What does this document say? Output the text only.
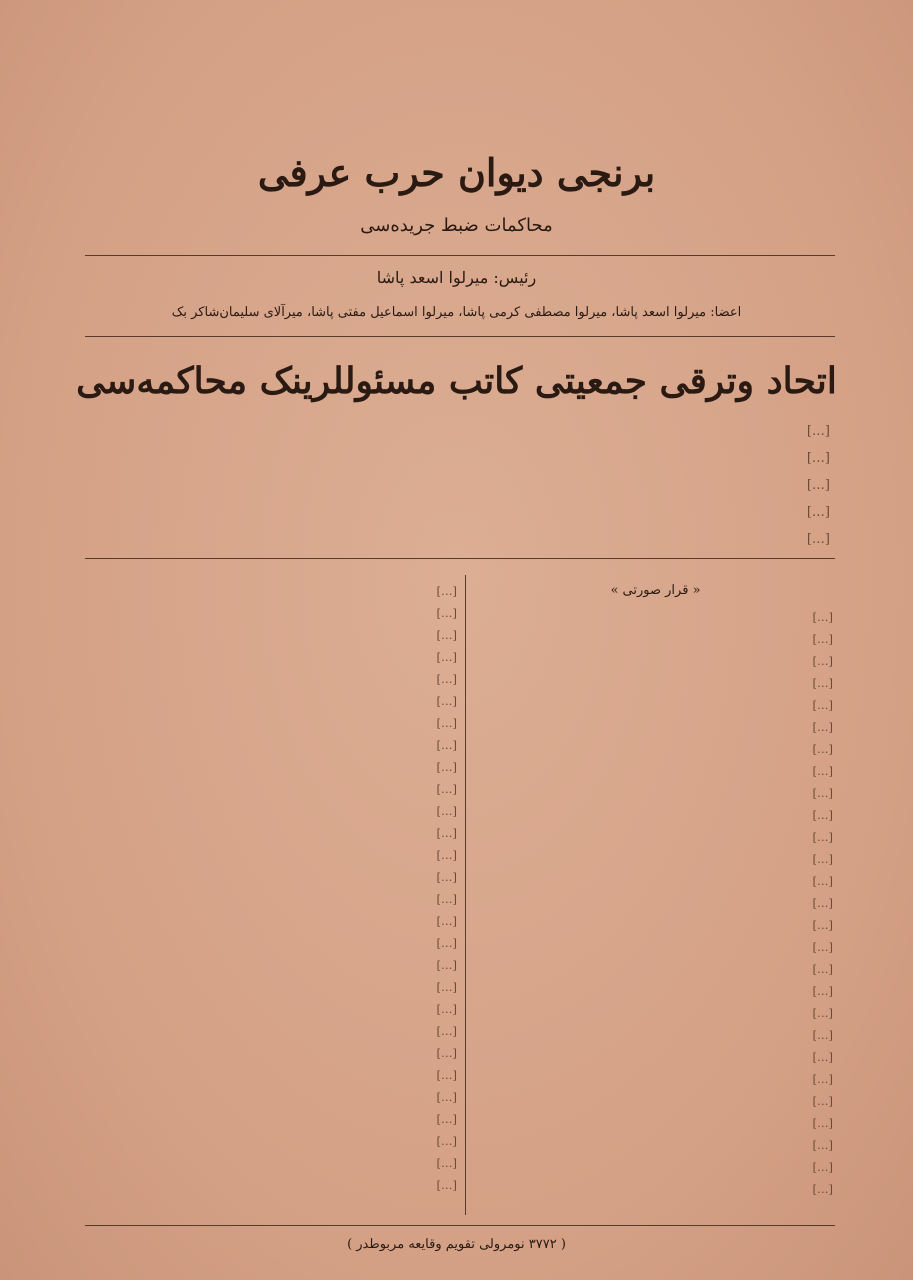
برنجی دیوان حرب عرفی
محاکمات ضبط جریده‌سی
رئیس: میرلوا اسعد پاشا
اعضا: میرلوا اسعد پاشا، میرلوا مصطفی کرمی پاشا، میرلوا اسماعیل مفتی پاشا، میرآلای سلیمان‌شاکر بک
اتحاد وترقی جمعیتی کاتب مسئوللرینک محاکمه‌سی
[…]
[…]
[…]
[…]
[…]
« قرار صورتی »
[…]
[…]
[…]
[…]
[…]
[…]
[…]
[…]
[…]
[…]
[…]
[…]
[…]
[…]
[…]
[…]
[…]
[…]
[…]
[…]
[…]
[…]
[…]
[…]
[…]
[…]
[…]
[…]
[…]
[…]
[…]
[…]
[…]
[…]
[…]
[…]
[…]
[…]
[…]
[…]
[…]
[…]
[…]
[…]
[…]
[…]
[…]
[…]
[…]
[…]
[…]
[…]
[…]
[…]
[…]
( ۳۷۷۲ نومرولی تقویم وقایعه مربوطدر )
